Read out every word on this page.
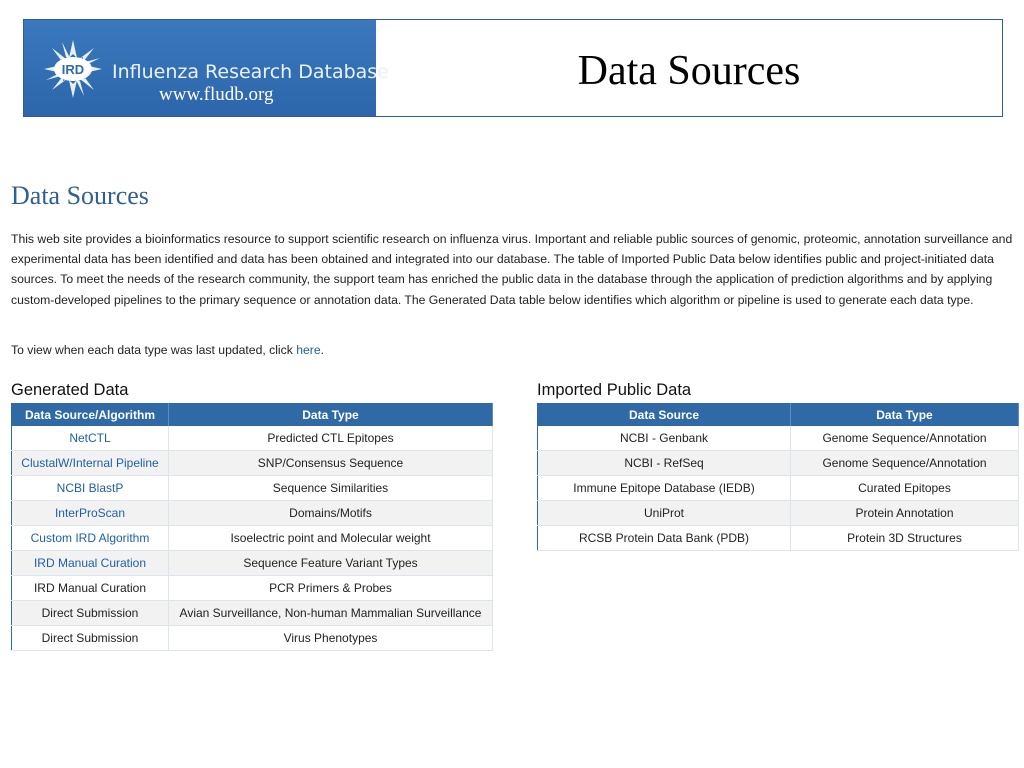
IRD Influenza Research Database
www.fludb.org
Data Sources
Data Sources

This web site provides a bioinformatics resource to support scientific research on influenza virus. Important and reliable public sources of genomic, proteomic, annotation surveillance and experimental data has been identified and data has been obtained and integrated into our database. The table of Imported Public Data below identifies public and project-initiated data sources. To meet the needs of the research community, the support team has enriched the public data in the database through the application of prediction algorithms and by applying custom-developed pipelines to the primary sequence or annotation data. The Generated Data table below identifies which algorithm or pipeline is used to generate each data type.

To view when each data type was last updated, click here.

Generated Data
Data Source/Algorithm	Data Type
NetCTL	Predicted CTL Epitopes
ClustalW/Internal Pipeline	SNP/Consensus Sequence
NCBI BlastP	Sequence Similarities
InterProScan	Domains/Motifs
Custom IRD Algorithm	Isoelectric point and Molecular weight
IRD Manual Curation	Sequence Feature Variant Types
IRD Manual Curation	PCR Primers & Probes
Direct Submission	Avian Surveillance, Non-human Mammalian Surveillance
Direct Submission	Virus Phenotypes
Imported Public Data
Data Source	Data Type
NCBI - Genbank	Genome Sequence/Annotation
NCBI - RefSeq	Genome Sequence/Annotation
Immune Epitope Database (IEDB)	Curated Epitopes
UniProt	Protein Annotation
RCSB Protein Data Bank (PDB)	Protein 3D Structures
